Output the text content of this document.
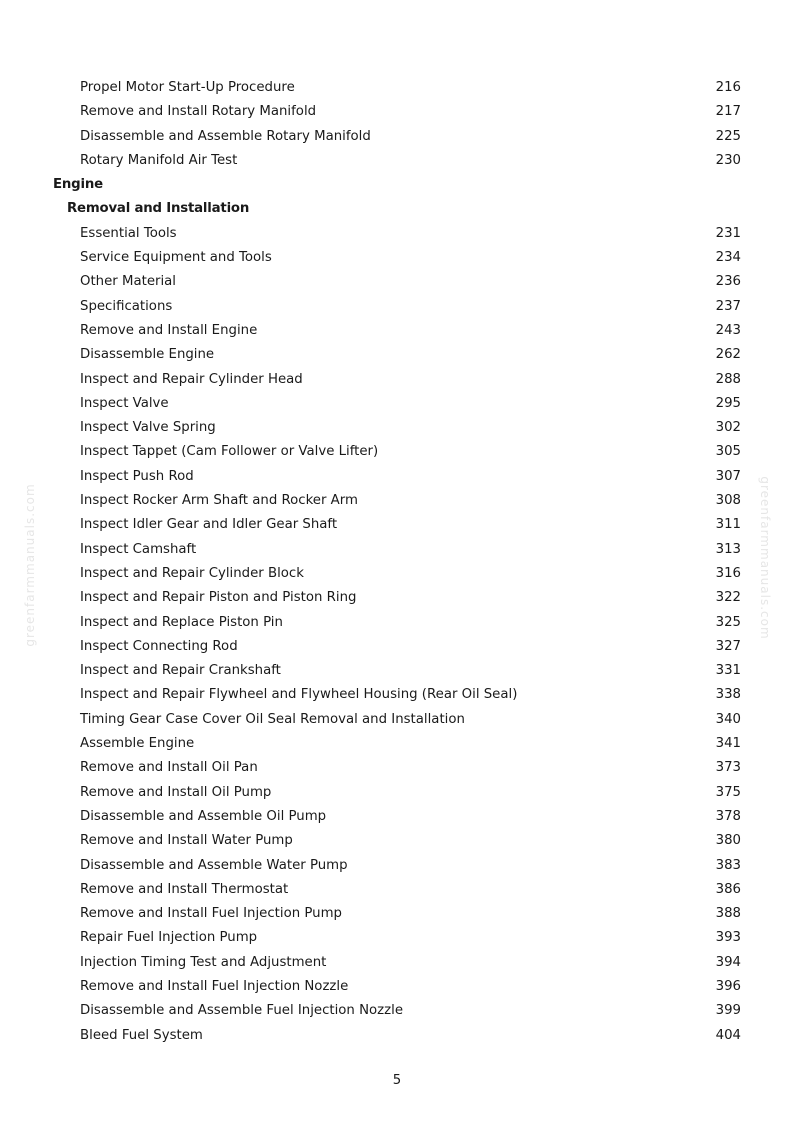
Propel Motor Start-Up Procedure	216
Remove and Install Rotary Manifold	217
Disassemble and Assemble Rotary Manifold	225
Rotary Manifold Air Test	230
Engine
Removal and Installation
Essential Tools	231
Service Equipment and Tools	234
Other Material	236
Specifications	237
Remove and Install Engine	243
Disassemble Engine	262
Inspect and Repair Cylinder Head	288
Inspect Valve	295
Inspect Valve Spring	302
Inspect Tappet (Cam Follower or Valve Lifter)	305
Inspect Push Rod	307
Inspect Rocker Arm Shaft and Rocker Arm	308
Inspect Idler Gear and Idler Gear Shaft	311
Inspect Camshaft	313
Inspect and Repair Cylinder Block	316
Inspect and Repair Piston and Piston Ring	322
Inspect and Replace Piston Pin	325
Inspect Connecting Rod	327
Inspect and Repair Crankshaft	331
Inspect and Repair Flywheel and Flywheel Housing (Rear Oil Seal)	338
Timing Gear Case Cover Oil Seal Removal and Installation	340
Assemble Engine	341
Remove and Install Oil Pan	373
Remove and Install Oil Pump	375
Disassemble and Assemble Oil Pump	378
Remove and Install Water Pump	380
Disassemble and Assemble Water Pump	383
Remove and Install Thermostat	386
Remove and Install Fuel Injection Pump	388
Repair Fuel Injection Pump	393
Injection Timing Test and Adjustment	394
Remove and Install Fuel Injection Nozzle	396
Disassemble and Assemble Fuel Injection Nozzle	399
Bleed Fuel System	404
greenfarmmanuals.com	greenfarmmanuals.com
5
